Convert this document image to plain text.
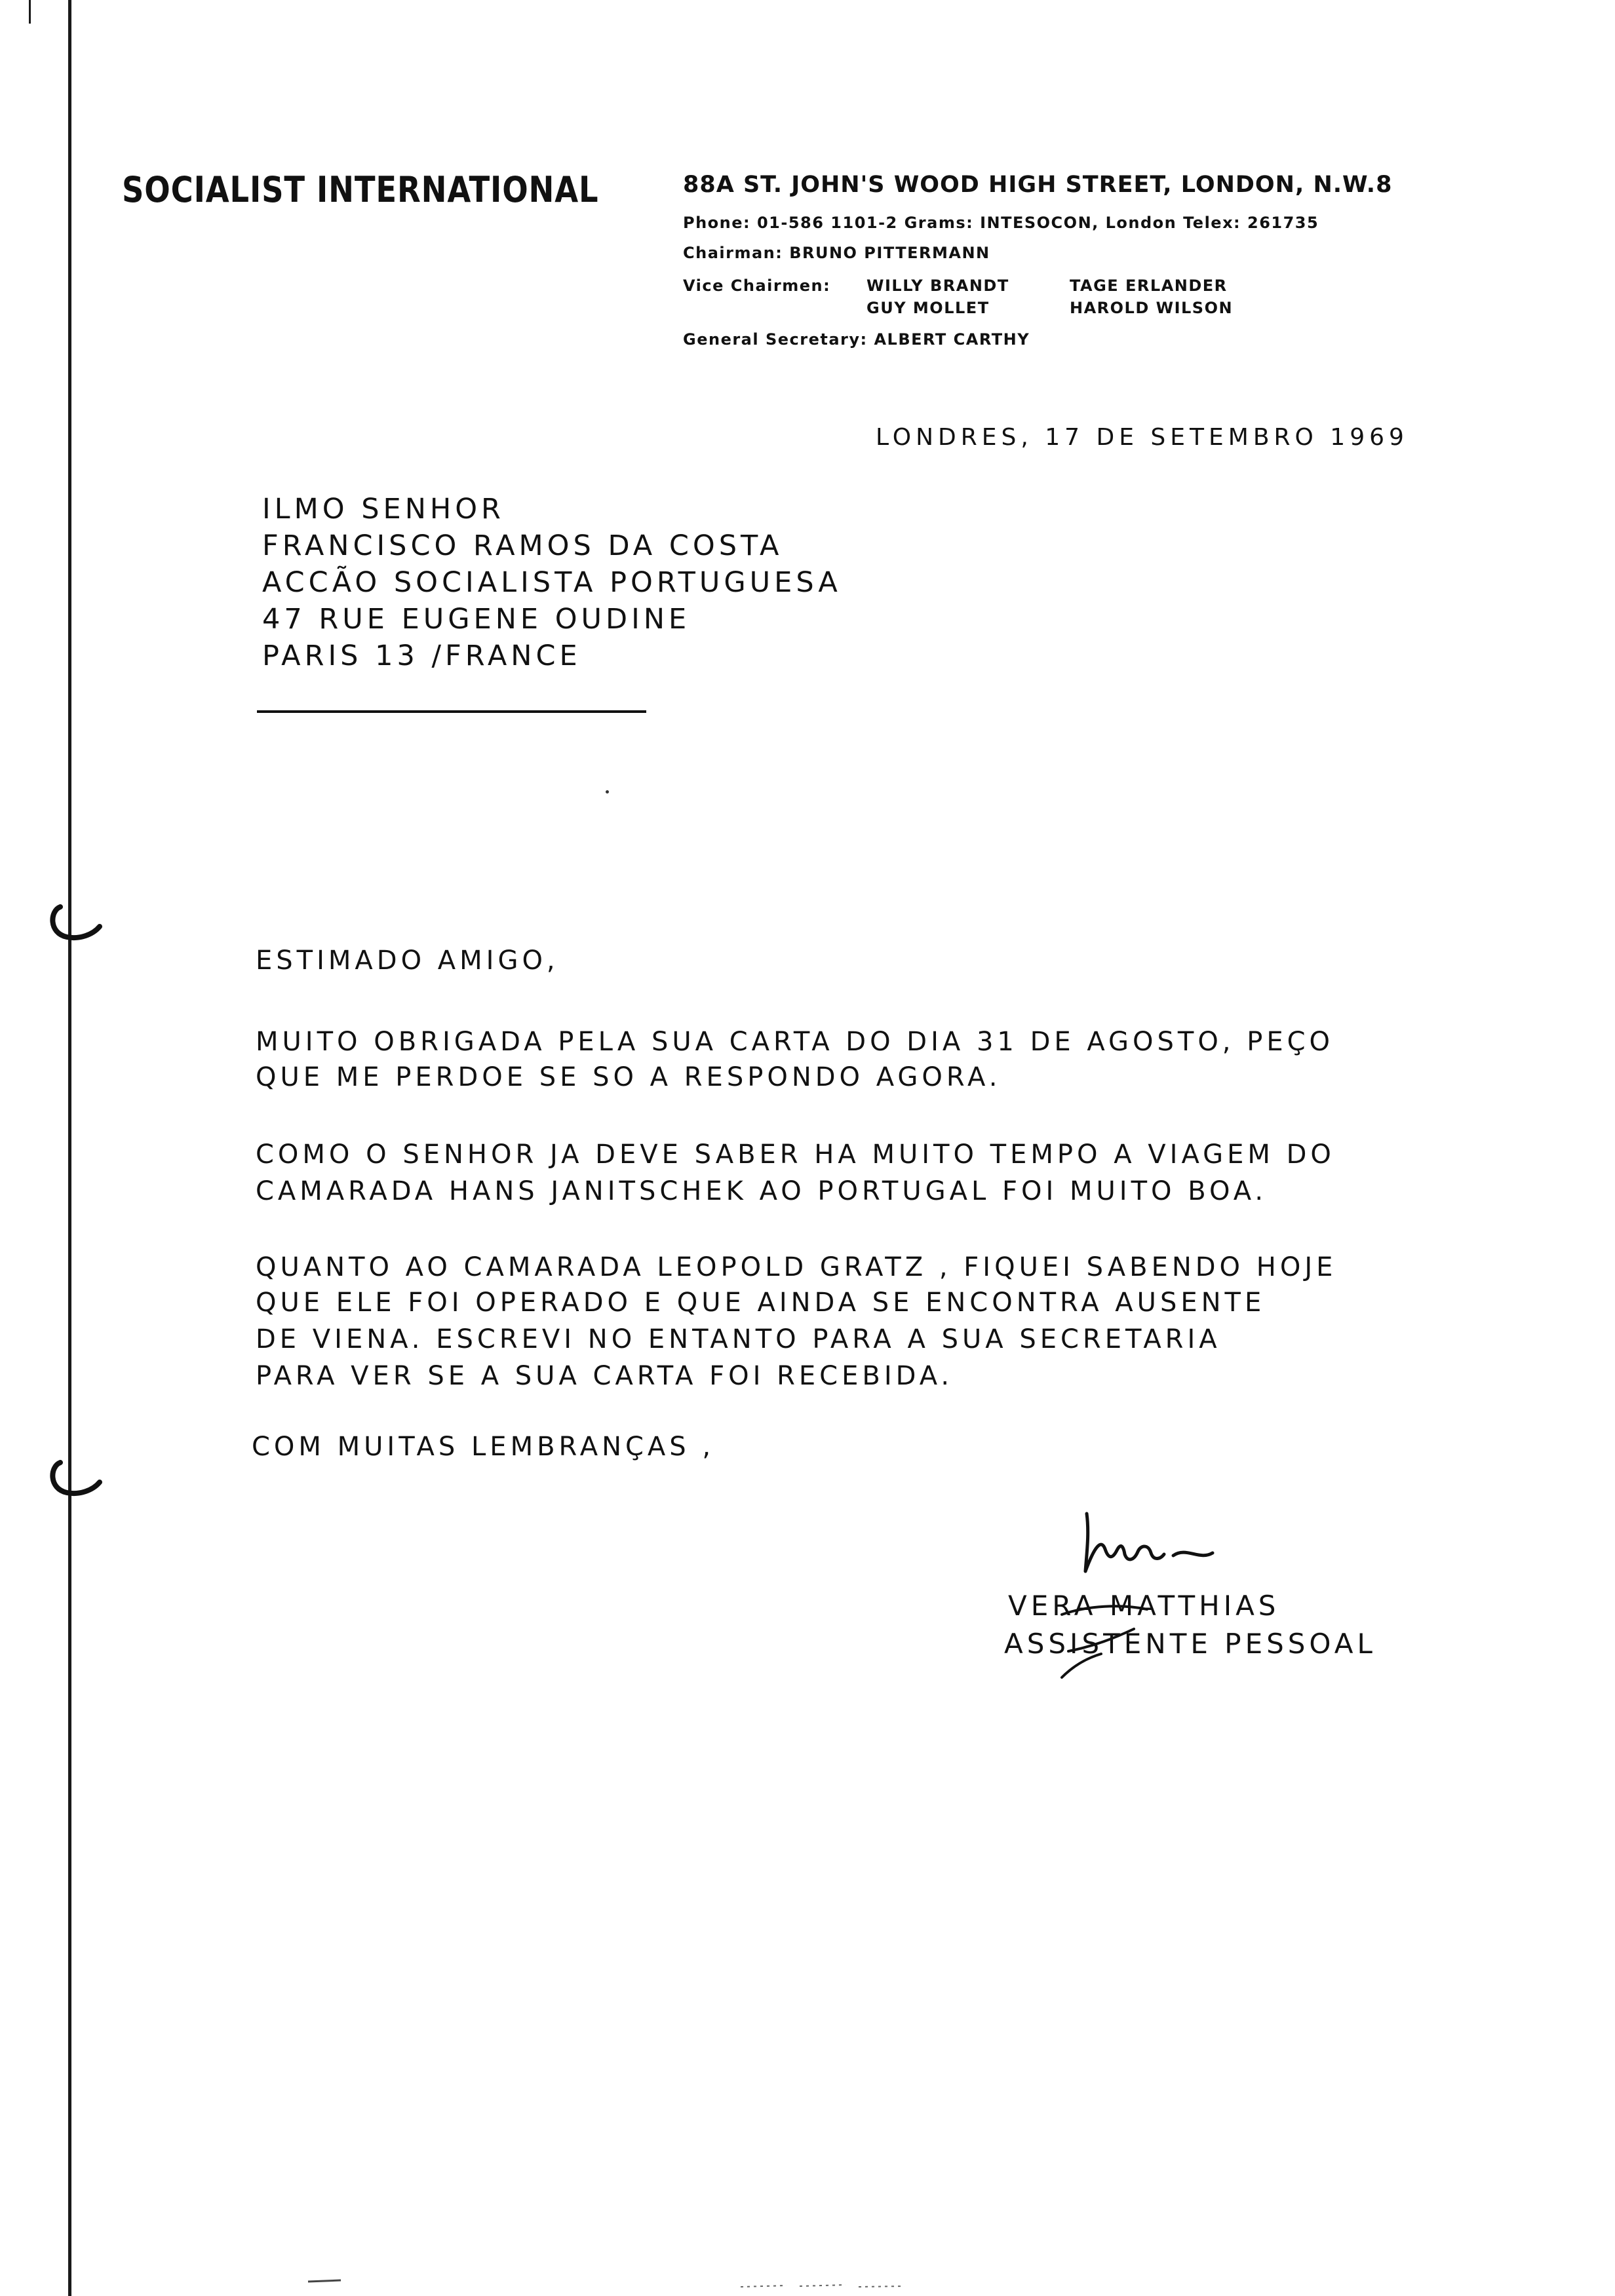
SOCIALIST INTERNATIONAL	88A ST. JOHN'S WOOD HIGH STREET, LONDON, N.W.8
Phone: 01-586 1101-2 Grams: INTESOCON, London Telex: 261735
Chairman: BRUNO PITTERMANN
Vice Chairmen: WILLY BRANDT	TAGE ERLANDER
GUY MOLLET	HAROLD WILSON
General Secretary: ALBERT CARTHY
LONDRES, 17 DE SETEMBRO 1969
ILMO SENHOR
FRANCISCO RAMOS DA COSTA
ACCÃO SOCIALISTA PORTUGUESA
47 RUE EUGENE OUDINE
PARIS 13 /FRANCE
ESTIMADO AMIGO,
MUITO OBRIGADA PELA SUA CARTA DO DIA 31 DE AGOSTO, PEÇO
QUE ME PERDOE SE SO A RESPONDO AGORA.
COMO O SENHOR JA DEVE SABER HA MUITO TEMPO A VIAGEM DO
CAMARADA HANS JANITSCHEK AO PORTUGAL FOI MUITO BOA.
QUANTO AO CAMARADA LEOPOLD GRATZ , FIQUEI SABENDO HOJE
QUE ELE FOI OPERADO E QUE AINDA SE ENCONTRA AUSENTE
DE VIENA. ESCREVI NO ENTANTO PARA A SUA SECRETARIA
PARA VER SE A SUA CARTA FOI RECEBIDA.
COM MUITAS LEMBRANÇAS ,
VERA MATTHIAS
ASSISTENTE PESSOAL
